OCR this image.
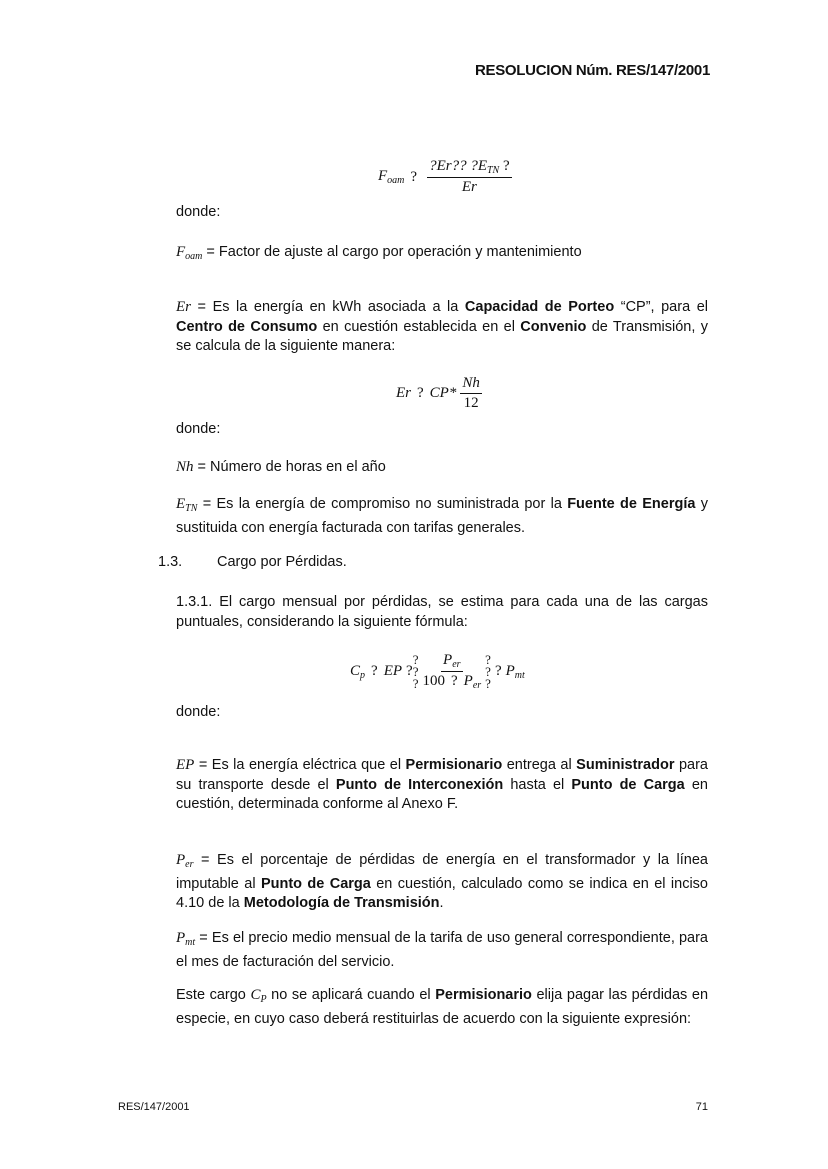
RESOLUCION Núm. RES/147/2001
$F_{oam}$ ? $\frac{?Er?? ?E_{TN} ?}{Er}$
donde:
$F_{oam}$ = Factor de ajuste al cargo por operación y mantenimiento
Er = Es la energía en kWh asociada a la Capacidad de Porteo “CP”, para el Centro de Consumo en cuestión establecida en el Convenio de Transmisión, y se calcula de la siguiente manera:
Er ? $CP* \frac{Nh}{12}$
donde:
Nh = Número de horas en el año
$E_{TN} = Es$ la energía de compromiso no suministrada por la Fuente de Energía y sustituida con energía facturada con tarifas generales.
1.3. Cargo por Pérdidas.
1.3.1. El cargo mensual por pérdidas, se estima para cada una de las cargas puntuales, considerando la siguiente fórmula:
$C_p$ ? EP ?
?
?
? $\frac{P_{er}}{100 ? P_{er}}$ ?
?
?
? $P_{mt}$
donde:
EP = Es la energía eléctrica que el Permisionario entrega al Suministrador para su transporte desde el Punto de Interconexión hasta el Punto de Carga en cuestión, determinada conforme al Anexo F.
$P_{er} = Es$ el porcentaje de pérdidas de energía en el transformador y la línea imputable al Punto de Carga en cuestión, calculado como se indica en el inciso 4.10 de la Metodología de Transmisión.
$P_{mt} = Es$ el precio medio mensual de la tarifa de uso general correspondiente, para el mes de facturación del servicio.
Este cargo $C_P$ no se aplicará cuando el Permisionario elija pagar las pérdidas en especie, en cuyo caso deberá restituirlas de acuerdo con la siguiente expresión:
RES/147/2001	71
